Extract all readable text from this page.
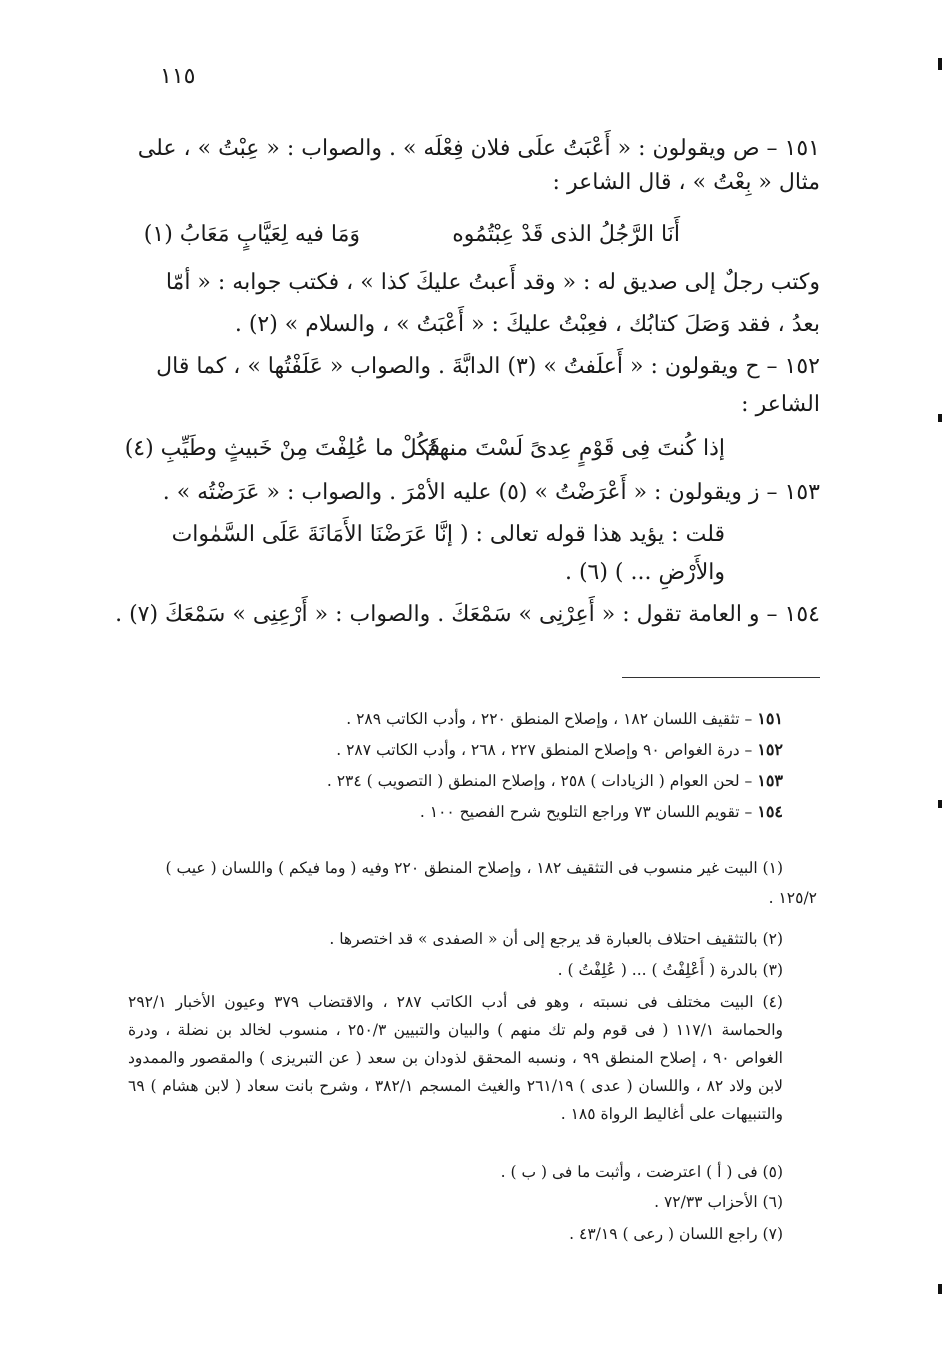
١١٥
١٥١ – ص ويقولون : « أَعْبَتُ علَى فلان فِعْلَه » . والصواب : « عِبْتُ » ، على
مثال « بِعْتُ » ، قال الشاعر :
أَنَا الرَّجُلُ الذى قَدْ عِبْتُمُوه
وَمَا فيه لِعَيَّابٍ مَعَابُ (١)
وكتب رجلٌ إلى صديق له : « وقد أَعبتُ عليكَ كذا » ، فكتب جوابه : « أمّا
بعدُ ، فقد وَصَلَ كتابُك ، فعِبْتُ عليكَ : « أَعْبَتُ » ، والسلام » (٢) .
١٥٢ – ح ويقولون : « أَعلَفتُ » (٣) الدابَّةَ . والصواب « عَلَفْتُها » ، كما قال
الشاعر :
إذا كُنتَ فِى قَوْمٍ عِدىً لَسْتَ منهمُ
فَكُلْ ما عُلِفْتَ مِنْ خَبيثٍ وطَيِّبِ (٤)
١٥٣ – ز ويقولون : « أَعْرَضْتُ » (٥) عليه الأمْرَ . والصواب : « عَرَضْتُه » .
قلت : يؤيد هذا قوله تعالى : ( إنَّا عَرَضْنَا الأَمَانَةَ عَلَى السَّمٰوات
والأَرْضِ ... ) (٦) .
١٥٤ – و العامة تقول : « أَعِرْنِى » سَمْعَكَ . والصواب : « أَرْعِنِى » سَمْعَكَ (٧) .
١٥١ – تثقيف اللسان ١٨٢ ، وإصلاح المنطق ٢٢٠ ، وأدب الكاتب ٢٨٩ .
١٥٢ – درة الغواص ٩٠ وإصلاح المنطق ٢٢٧ ، ٢٦٨ ، وأدب الكاتب ٢٨٧ .
١٥٣ – لحن العوام ( الزيادات ) ٢٥٨ ، وإصلاح المنطق ( التصويب ) ٢٣٤ .
١٥٤ – تقويم اللسان ٧٣ وراجع التلويح شرح الفصيح ١٠٠ .
(١) البيت غير منسوب فى التثقيف ١٨٢ ، وإصلاح المنطق ٢٢٠ وفيه ( وما فيكم ) واللسان ( عيب )
١٢٥/٢ .
(٢) بالتثقيف احتلاف بالعبارة قد يرجع إلى أن « الصفدى » قد اختصرها .
(٣) بالدرة ( أَعْلِفْتُ ) ... ( عُلِفْتُ ) .
(٤) البيت مختلف فى نسبته ، وهو فى أدب الكاتب ٢٨٧ ، والاقتضاب ٣٧٩ وعيون الأخبار ٢٩٢/١ والحماسة ١١٧/١ ( فى قوم ولم تك منهم ) والبيان والتبيين ٢٥٠/٣ ، منسوب لخالد بن نضلة ، ودرة الغواص ٩٠ ، إصلاح المنطق ٩٩ ، ونسبه المحقق لذودان بن سعد ( عن التبريزى ) والمقصور والممدود لابن ولاد ٨٢ ، واللسان ( عدى ) ٢٦١/١٩ والغيث المسجم ٣٨٢/١ ، وشرح بانت سعاد ( لابن هشام ) ٦٩ والتنبيهات على أغاليط الرواة ١٨٥ .
(٥) فى ( أ ) اعترضت ، وأثبت ما فى ( ب ) .
(٦) الأحزاب ٧٢/٣٣ .
(٧) راجع اللسان ( رعى ) ٤٣/١٩ .
